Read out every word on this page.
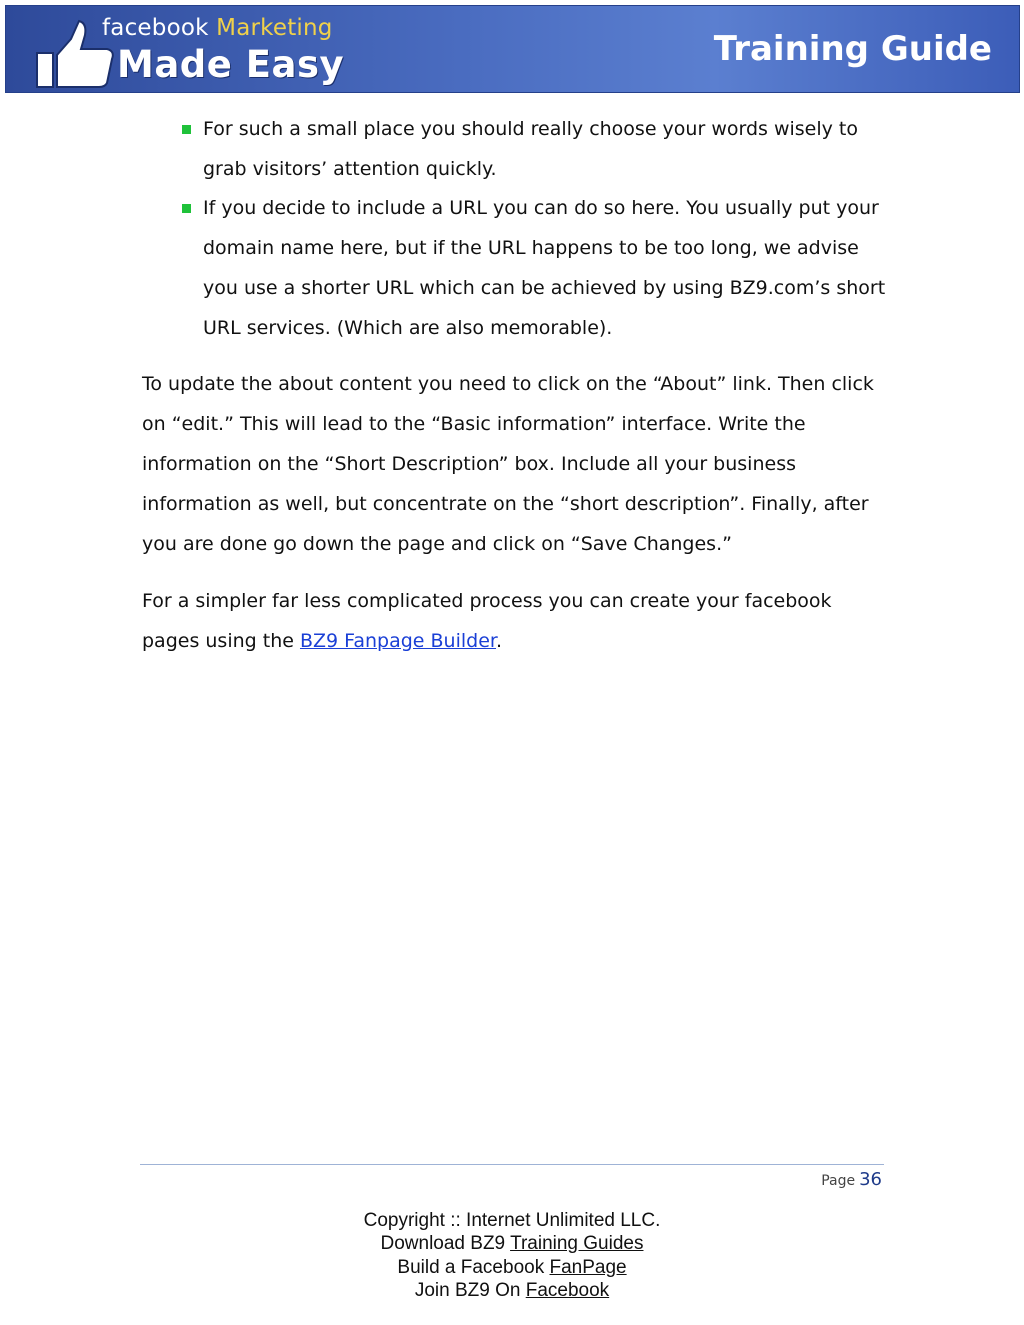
facebook Marketing
Made Easy	Training Guide
For such a small place you should really choose your words wisely to grab visitors’ attention quickly.
If you decide to include a URL you can do so here. You usually put your domain name here, but if the URL happens to be too long, we advise you use a shorter URL which can be achieved by using BZ9.com’s short URL services. (Which are also memorable).

To update the about content you need to click on the “About” link. Then click on “edit.” This will lead to the “Basic information” interface. Write the information on the “Short Description” box. Include all your business information as well, but concentrate on the “short description”. Finally, after you are done go down the page and click on “Save Changes.”

For a simpler far less complicated process you can create your facebook pages using the BZ9 Fanpage Builder.

Page 36
Copyright :: Internet Unlimited LLC.
Download BZ9 Training Guides
Build a Facebook FanPage
Join BZ9 On Facebook
